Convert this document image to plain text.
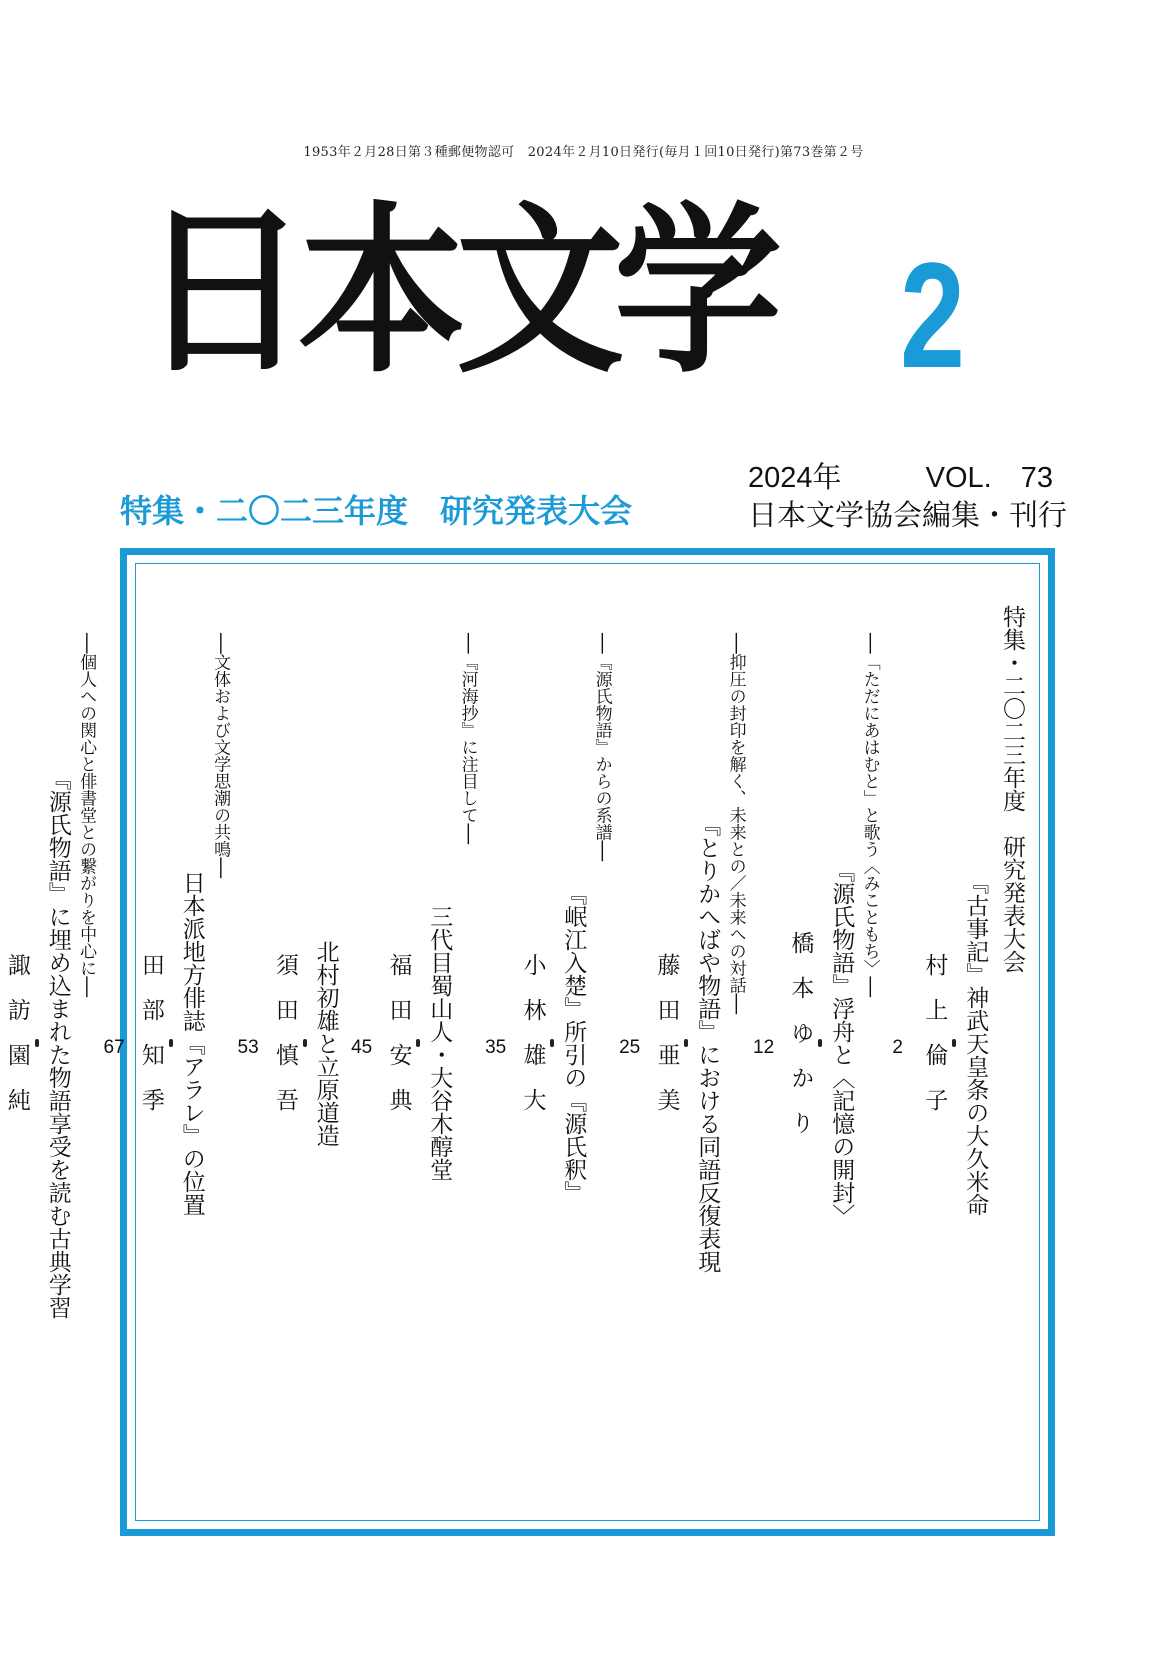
1953年２月28日第３種郵便物認可　2024年２月10日発行(毎月１回10日発行)第73巻第２号
日本文学 2
2024年	VOL.　73
日本文学協会編集・刊行
特集・二〇二三年度　研究発表大会
特集・二〇二三年度　研究発表大会
『古事記』神武天皇条の大久米命
村上倫子
2
──「ただにあはむと」と歌う〈みこともち〉──
『源氏物語』浮舟と〈記憶の開封〉
橋本ゆかり
12
──抑圧の封印を解く、未来との／未来への対話──
『とりかへばや物語』における同語反復表現
藤田亜美
25
──『源氏物語』からの系譜──
『岷江入楚』所引の『源氏釈』
小林雄大
35
──『河海抄』に注目して──
三代目蜀山人・大谷木醇堂
福田安典
45
北村初雄と立原道造
須田慎吾
53
──文体および文学思潮の共鳴──
日本派地方俳誌『アラレ』の位置
田部知季
67
──個人への関心と俳書堂との繋がりを中心に──
『源氏物語』に埋め込まれた物語享受を読む古典学習
諏訪園純
